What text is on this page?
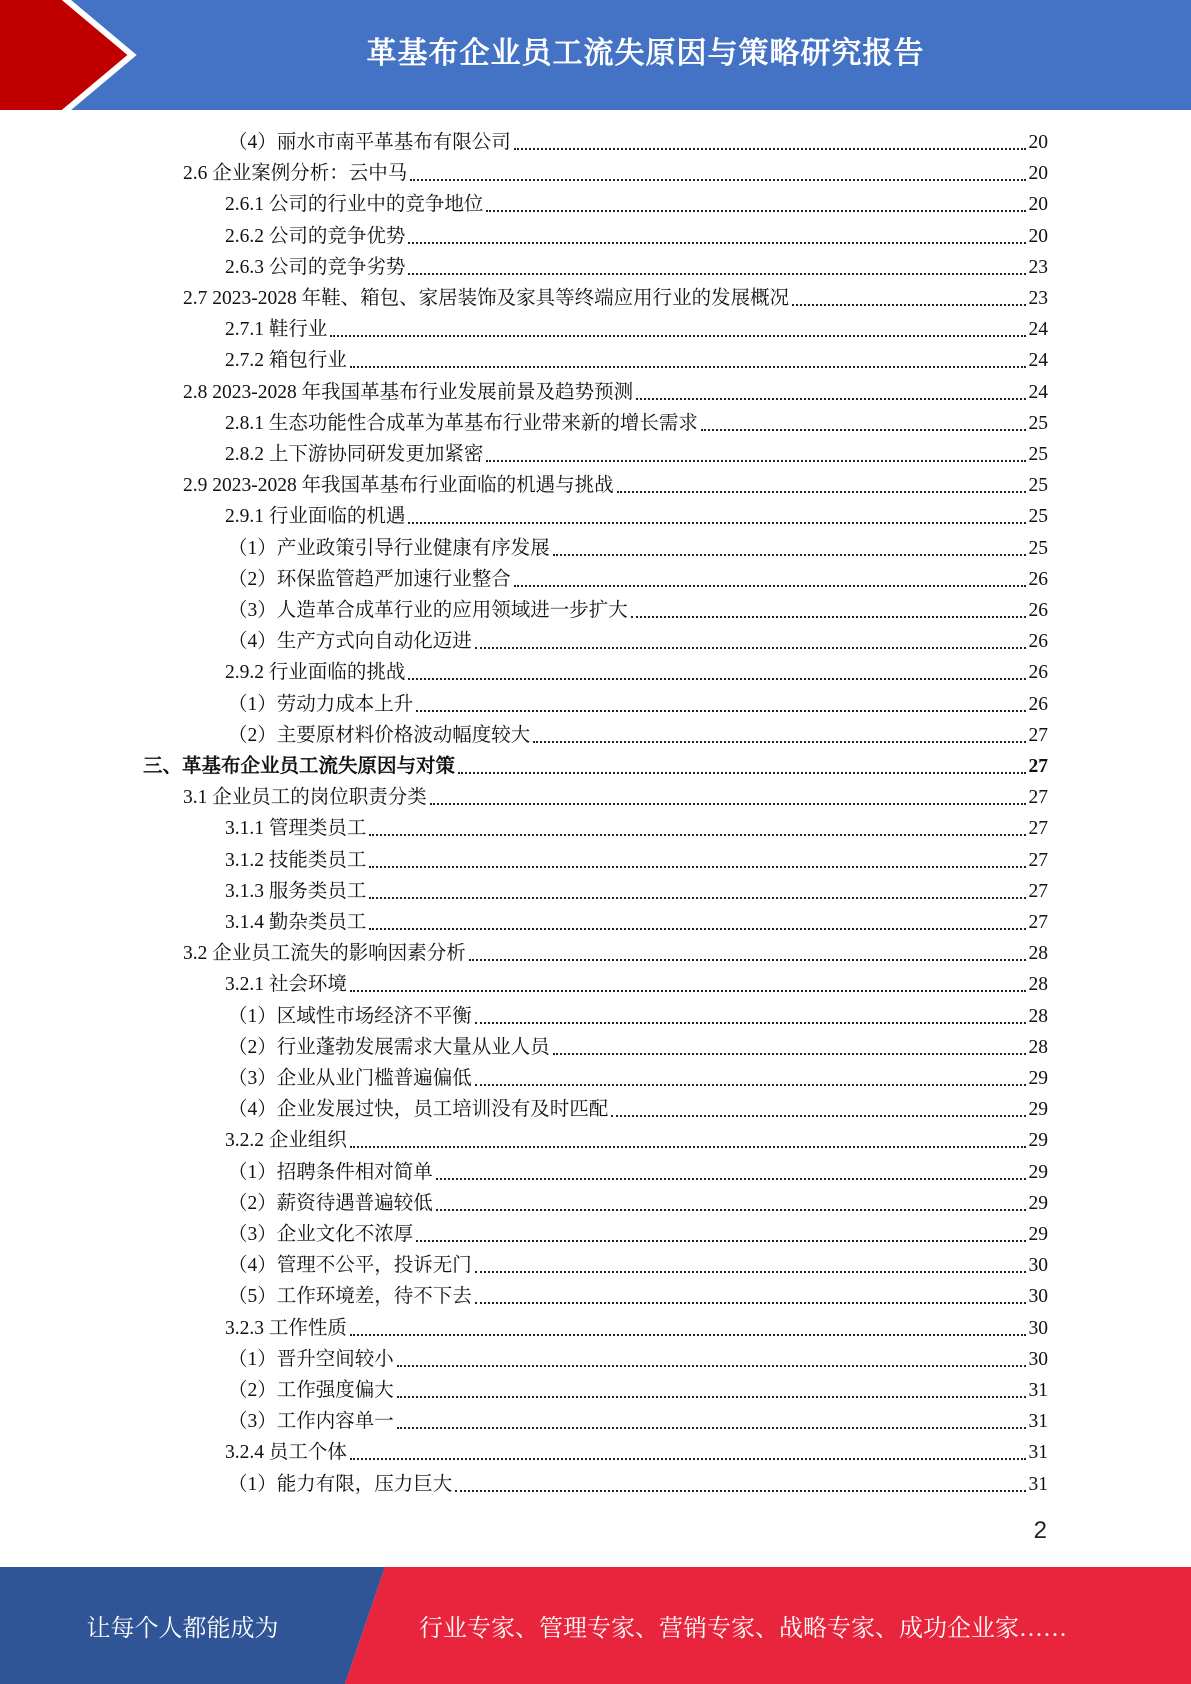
革基布企业员工流失原因与策略研究报告
（4）丽水市南平革基布有限公司	20
2.6 企业案例分析：云中马	20
2.6.1 公司的行业中的竞争地位	20
2.6.2 公司的竞争优势	20
2.6.3 公司的竞争劣势	23
2.7 2023-2028 年鞋、箱包、家居装饰及家具等终端应用行业的发展概况	23
2.7.1 鞋行业	24
2.7.2 箱包行业	24
2.8 2023-2028 年我国革基布行业发展前景及趋势预测	24
2.8.1 生态功能性合成革为革基布行业带来新的增长需求	25
2.8.2 上下游协同研发更加紧密	25
2.9 2023-2028 年我国革基布行业面临的机遇与挑战	25
2.9.1 行业面临的机遇	25
（1）产业政策引导行业健康有序发展	25
（2）环保监管趋严加速行业整合	26
（3）人造革合成革行业的应用领域进一步扩大	26
（4）生产方式向自动化迈进	26
2.9.2 行业面临的挑战	26
（1）劳动力成本上升	26
（2）主要原材料价格波动幅度较大	27
三、革基布企业员工流失原因与对策	27
3.1 企业员工的岗位职责分类	27
3.1.1 管理类员工	27
3.1.2 技能类员工	27
3.1.3 服务类员工	27
3.1.4 勤杂类员工	27
3.2 企业员工流失的影响因素分析	28
3.2.1 社会环境	28
（1）区域性市场经济不平衡	28
（2）行业蓬勃发展需求大量从业人员	28
（3）企业从业门槛普遍偏低	29
（4）企业发展过快，员工培训没有及时匹配	29
3.2.2 企业组织	29
（1）招聘条件相对简单	29
（2）薪资待遇普遍较低	29
（3）企业文化不浓厚	29
（4）管理不公平，投诉无门	30
（5）工作环境差，待不下去	30
3.2.3 工作性质	30
（1）晋升空间较小	30
（2）工作强度偏大	31
（3）工作内容单一	31
3.2.4 员工个体	31
（1）能力有限，压力巨大	31
2
让每个人都能成为	行业专家、管理专家、营销专家、战略专家、成功企业家……
